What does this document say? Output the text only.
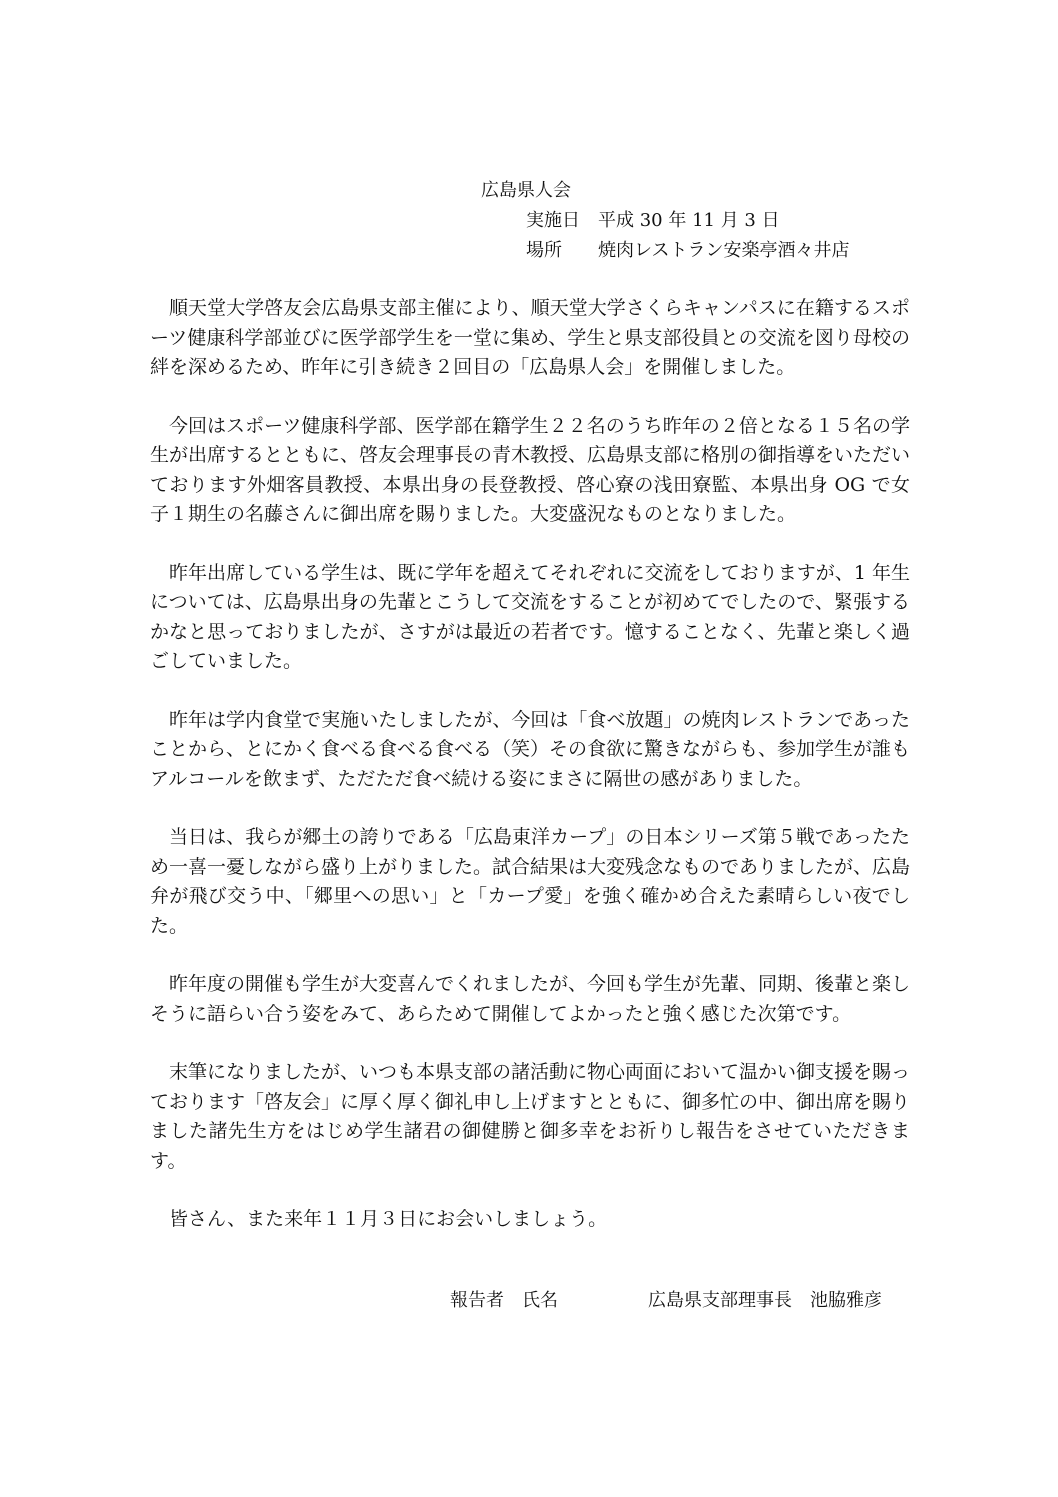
広島県人会
実施日 平成 30 年 11 月 3 日
場所 焼肉レストラン安楽亭酒々井店

順天堂大学啓友会広島県支部主催により、順天堂大学さくらキャンパスに在籍するスポーツ健康科学部並びに医学部学生を一堂に集め、学生と県支部役員との交流を図り母校の絆を深めるため、昨年に引き続き２回目の「広島県人会」を開催しました。

今回はスポーツ健康科学部、医学部在籍学生２２名のうち昨年の２倍となる１５名の学生が出席するとともに、啓友会理事長の青木教授、広島県支部に格別の御指導をいただいております外畑客員教授、本県出身の長登教授、啓心寮の浅田寮監、本県出身 OG で女子１期生の名藤さんに御出席を賜りました。大変盛況なものとなりました。

昨年出席している学生は、既に学年を超えてそれぞれに交流をしておりますが、1 年生については、広島県出身の先輩とこうして交流をすることが初めてでしたので、緊張するかなと思っておりましたが、さすがは最近の若者です。憶することなく、先輩と楽しく過ごしていました。

昨年は学内食堂で実施いたしましたが、今回は「食べ放題」の焼肉レストランであったことから、とにかく食べる食べる食べる（笑）その食欲に驚きながらも、参加学生が誰もアルコールを飲まず、ただただ食べ続ける姿にまさに隔世の感がありました。

当日は、我らが郷土の誇りである「広島東洋カープ」の日本シリーズ第５戦であったため一喜一憂しながら盛り上がりました。試合結果は大変残念なものでありましたが、広島弁が飛び交う中、「郷里への思い」と「カープ愛」を強く確かめ合えた素晴らしい夜でした。

昨年度の開催も学生が大変喜んでくれましたが、今回も学生が先輩、同期、後輩と楽しそうに語らい合う姿をみて、あらためて開催してよかったと強く感じた次第です。

末筆になりましたが、いつも本県支部の諸活動に物心両面において温かい御支援を賜っております「啓友会」に厚く厚く御礼申し上げますとともに、御多忙の中、御出席を賜りました諸先生方をはじめ学生諸君の御健勝と御多幸をお祈りし報告をさせていただきます。

皆さん、また来年１１月３日にお会いしましょう。

報告者　氏名	広島県支部理事長　池脇雅彦
